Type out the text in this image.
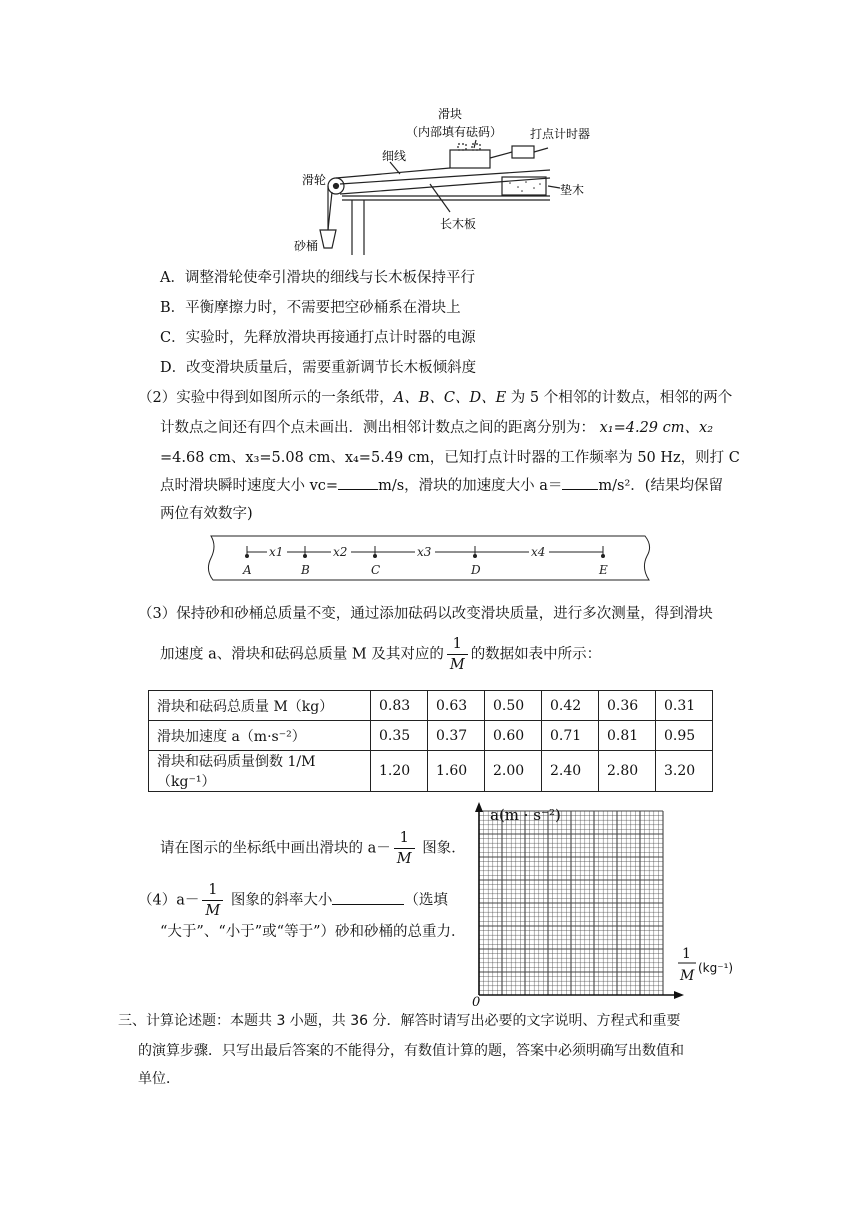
滑块
（内部填有砝码） 打点计时器
细线
滑轮
垫木
长木板
砂桶
A．调整滑轮使牵引滑块的细线与长木板保持平行
B．平衡摩擦力时，不需要把空砂桶系在滑块上
C．实验时，先释放滑块再接通打点计时器的电源
D．改变滑块质量后，需要重新调节长木板倾斜度
（2）实验中得到如图所示的一条纸带，A、B、C、D、E 为 5 个相邻的计数点，相邻的两个
计数点之间还有四个点未画出．测出相邻计数点之间的距离分别为： x₁=4.29 cm、x₂
=4.68 cm、x₃=5.08 cm、x₄=5.49 cm，已知打点计时器的工作频率为 50 Hz，则打 C
点时滑块瞬时速度大小 vc=	m/s，滑块的加速度大小 a＝ m/s²．(结果均保留
两位有效数字)
x1	x2	x3	x4
A	B	C	D	E
（3）保持砂和砂桶总质量不变，通过添加砝码以改变滑块质量，进行多次测量，得到滑块
加速度 a、滑块和砝码总质量 M 及其对应的 $\frac{1}{M}$ 的数据如表中所示：
滑块和砝码总质量 M（kg）	0.83	0.63	0.50	0.42	0.36	0.31
滑块加速度 a（m·s⁻²）	0.35	0.37	0.60	0.71	0.81	0.95
滑块和砝码质量倒数 1/M（kg⁻¹）	1.20	1.60	2.00	2.40	2.80	3.20
请在图示的坐标纸中画出滑块的 $a- \frac{1}{M}$ 图象．
$(4)a- \frac{1}{M}$ 图象的斜率大小	（选填
“大于”、“小于”或“等于”）砂和砂桶的总重力．
a(m · s⁻²)
1
M (kg⁻¹)
0
三、计算论述题：本题共 3 小题，共 36 分．解答时请写出必要的文字说明、方程式和重要
的演算步骤．只写出最后答案的不能得分，有数值计算的题，答案中必须明确写出数值和
单位．
